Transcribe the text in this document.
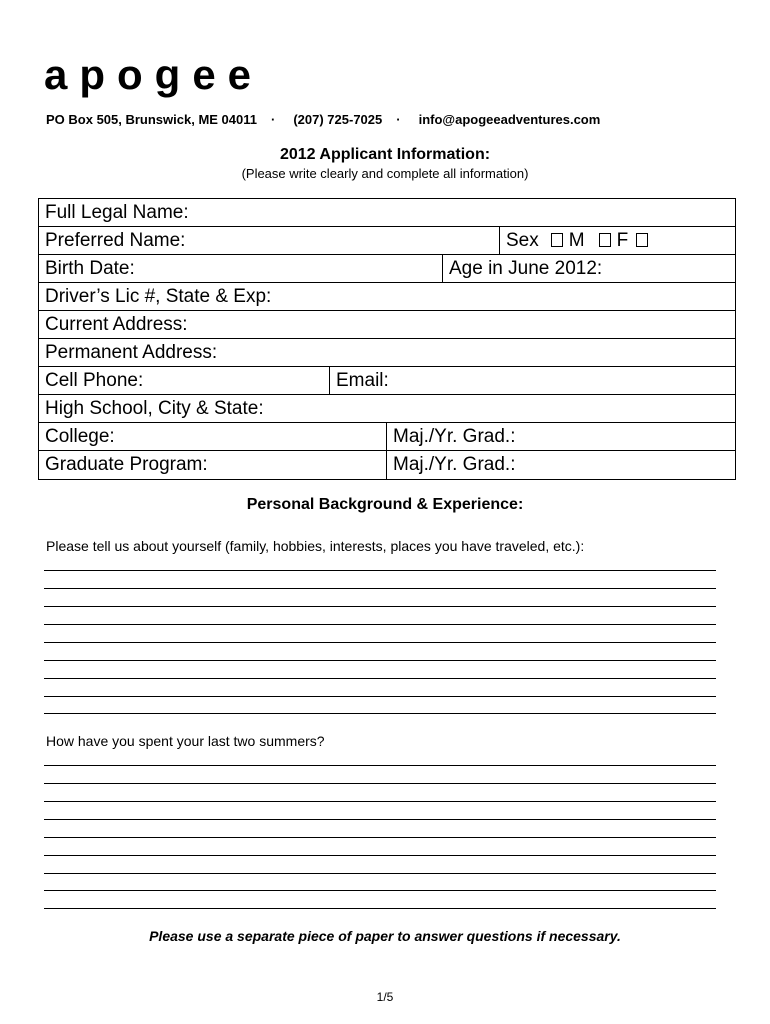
apogee
PO Box 505, Brunswick, ME 04011 · (207) 725-7025 · info@apogeeadventures.com
2012 Applicant Information:
(Please write clearly and complete all information)
Full Legal Name:
Preferred Name:	Sex M F
Birth Date:	Age in June 2012:
Driver’s Lic #, State & Exp:
Current Address:
Permanent Address:
Cell Phone:	Email:
High School, City & State:
College:	Maj./Yr. Grad.:
Graduate Program:	Maj./Yr. Grad.:
Personal Background & Experience:
Please tell us about yourself (family, hobbies, interests, places you have traveled, etc.):
How have you spent your last two summers?
Please use a separate piece of paper to answer questions if necessary.
1/5
